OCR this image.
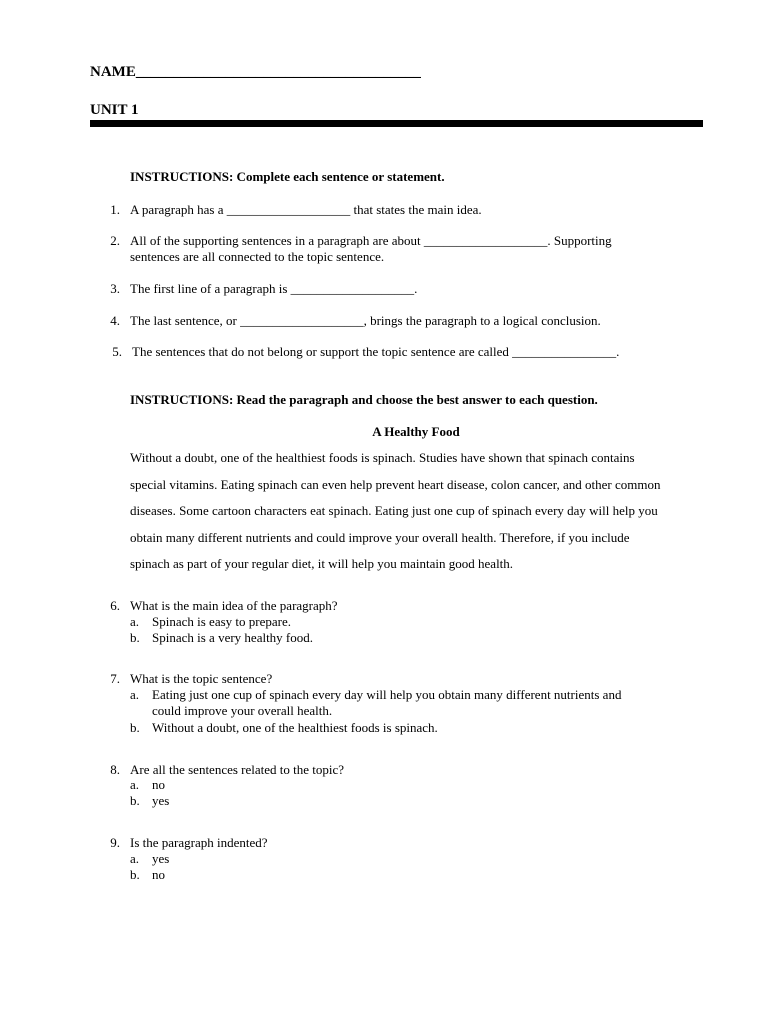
NAME______________________________________
UNIT 1
INSTRUCTIONS: Complete each sentence or statement.
1. A paragraph has a ___________________ that states the main idea.
2. All of the supporting sentences in a paragraph are about ___________________. Supporting
sentences are all connected to the topic sentence.
3. The first line of a paragraph is ___________________.
4. The last sentence, or ___________________, brings the paragraph to a logical conclusion.
5. The sentences that do not belong or support the topic sentence are called ________________.
INSTRUCTIONS: Read the paragraph and choose the best answer to each question.
A Healthy Food
Without a doubt, one of the healthiest foods is spinach. Studies have shown that spinach contains
special vitamins. Eating spinach can even help prevent heart disease, colon cancer, and other common
diseases. Some cartoon characters eat spinach. Eating just one cup of spinach every day will help you
obtain many different nutrients and could improve your overall health. Therefore, if you include
spinach as part of your regular diet, it will help you maintain good health.
6. What is the main idea of the paragraph?
a. Spinach is easy to prepare.
b. Spinach is a very healthy food.
7. What is the topic sentence?
a. Eating just one cup of spinach every day will help you obtain many different nutrients and
could improve your overall health.
b. Without a doubt, one of the healthiest foods is spinach.
8. Are all the sentences related to the topic?
a. no
b. yes
9. Is the paragraph indented?
a. yes
b. no
